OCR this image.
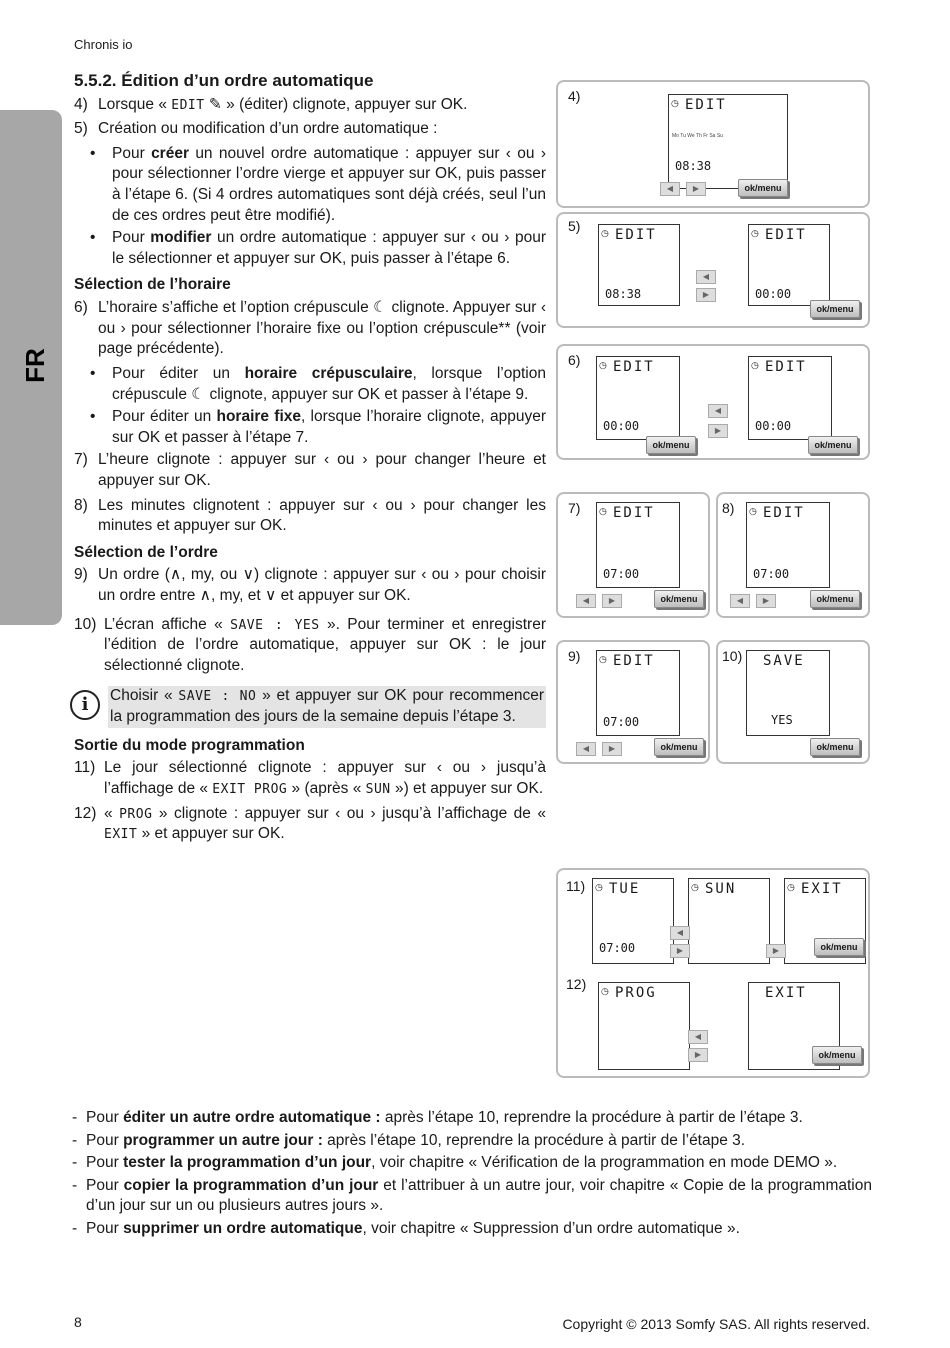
Chronis io
FR
5.5.2. Édition d’un ordre automatique
4) Lorsque « EDIT ✎ » (éditer) clignote, appuyer sur OK.
5) Création ou modification d’un ordre automatique :
•	Pour créer un nouvel ordre automatique : appuyer sur ‹ ou › pour sélectionner l’ordre vierge et appuyer sur OK, puis passer à l’étape 6. (Si 4 ordres automatiques sont déjà créés, seul l’un de ces ordres peut être modifié).
•	Pour modifier un ordre automatique : appuyer sur ‹ ou › pour le sélectionner et appuyer sur OK, puis passer à l’étape 6.
Sélection de l’horaire
6) L’horaire s’affiche et l’option crépuscule ☾ clignote. Appuyer sur ‹ ou › pour sélectionner l’horaire fixe ou l’option crépuscule** (voir page précédente).
•	Pour éditer un horaire crépusculaire, lorsque l’option crépuscule ☾ clignote, appuyer sur OK et passer à l’étape 9.
•	Pour éditer un horaire fixe, lorsque l’horaire clignote, appuyer sur OK et passer à l’étape 7.
7) L’heure clignote : appuyer sur ‹ ou › pour changer l’heure et appuyer sur OK.
8) Les minutes clignotent : appuyer sur ‹ ou › pour changer les minutes et appuyer sur OK.
Sélection de l’ordre
9) Un ordre (∧, my, ou ∨) clignote : appuyer sur ‹ ou › pour choisir un ordre entre ∧, my, et ∨ et appuyer sur OK.
10) L’écran affiche « SAVE : YES ». Pour terminer et enregistrer l’édition de l’ordre automatique, appuyer sur OK : le jour sélectionné clignote.
i	Choisir « SAVE : NO » et appuyer sur OK pour recommencer la programmation des jours de la semaine depuis l’étape 3.
Sortie du mode programmation
11) Le jour sélectionné clignote : appuyer sur ‹ ou › jusqu’à l’affichage de « EXIT PROG » (après « SUN ») et appuyer sur OK.
12) « PROG » clignote : appuyer sur ‹ ou › jusqu’à l’affichage de « EXIT » et appuyer sur OK.
4)	◷ EDIT
Mo Tu We Th Fr Sa Su
08:38
◀	▶	ok/menu
5) ◷ EDIT
08:38
◀
▶
◷ EDIT
00:00
ok/menu
6) ◷ EDIT
00:00
ok/menu
◀
▶
◷ EDIT
00:00
ok/menu
7) ◷ EDIT
07:00
◀	▶	ok/menu
8) ◷ EDIT
07:00
◀	▶	ok/menu
9) ◷ EDIT
07:00
◀	▶	ok/menu
10) SAVE
YES
ok/menu
11) ◷ TUE
07:00
◷ SUN	◷ EXIT
◀
▶	▶	ok/menu
12) ◷ PROG
◀
▶
EXIT
ok/menu
- Pour éditer un autre ordre automatique : après l’étape 10, reprendre la procédure à partir de l’étape 3.
- Pour programmer un autre jour : après l’étape 10, reprendre la procédure à partir de l’étape 3.
- Pour tester la programmation d’un jour, voir chapitre « Vérification de la programmation en mode DEMO ».
- Pour copier la programmation d’un jour et l’attribuer à un autre jour, voir chapitre « Copie de la programmation d’un jour sur un ou plusieurs autres jours ».
- Pour supprimer un ordre automatique, voir chapitre « Suppression d’un ordre automatique ».
8	Copyright © 2013 Somfy SAS. All rights reserved.
